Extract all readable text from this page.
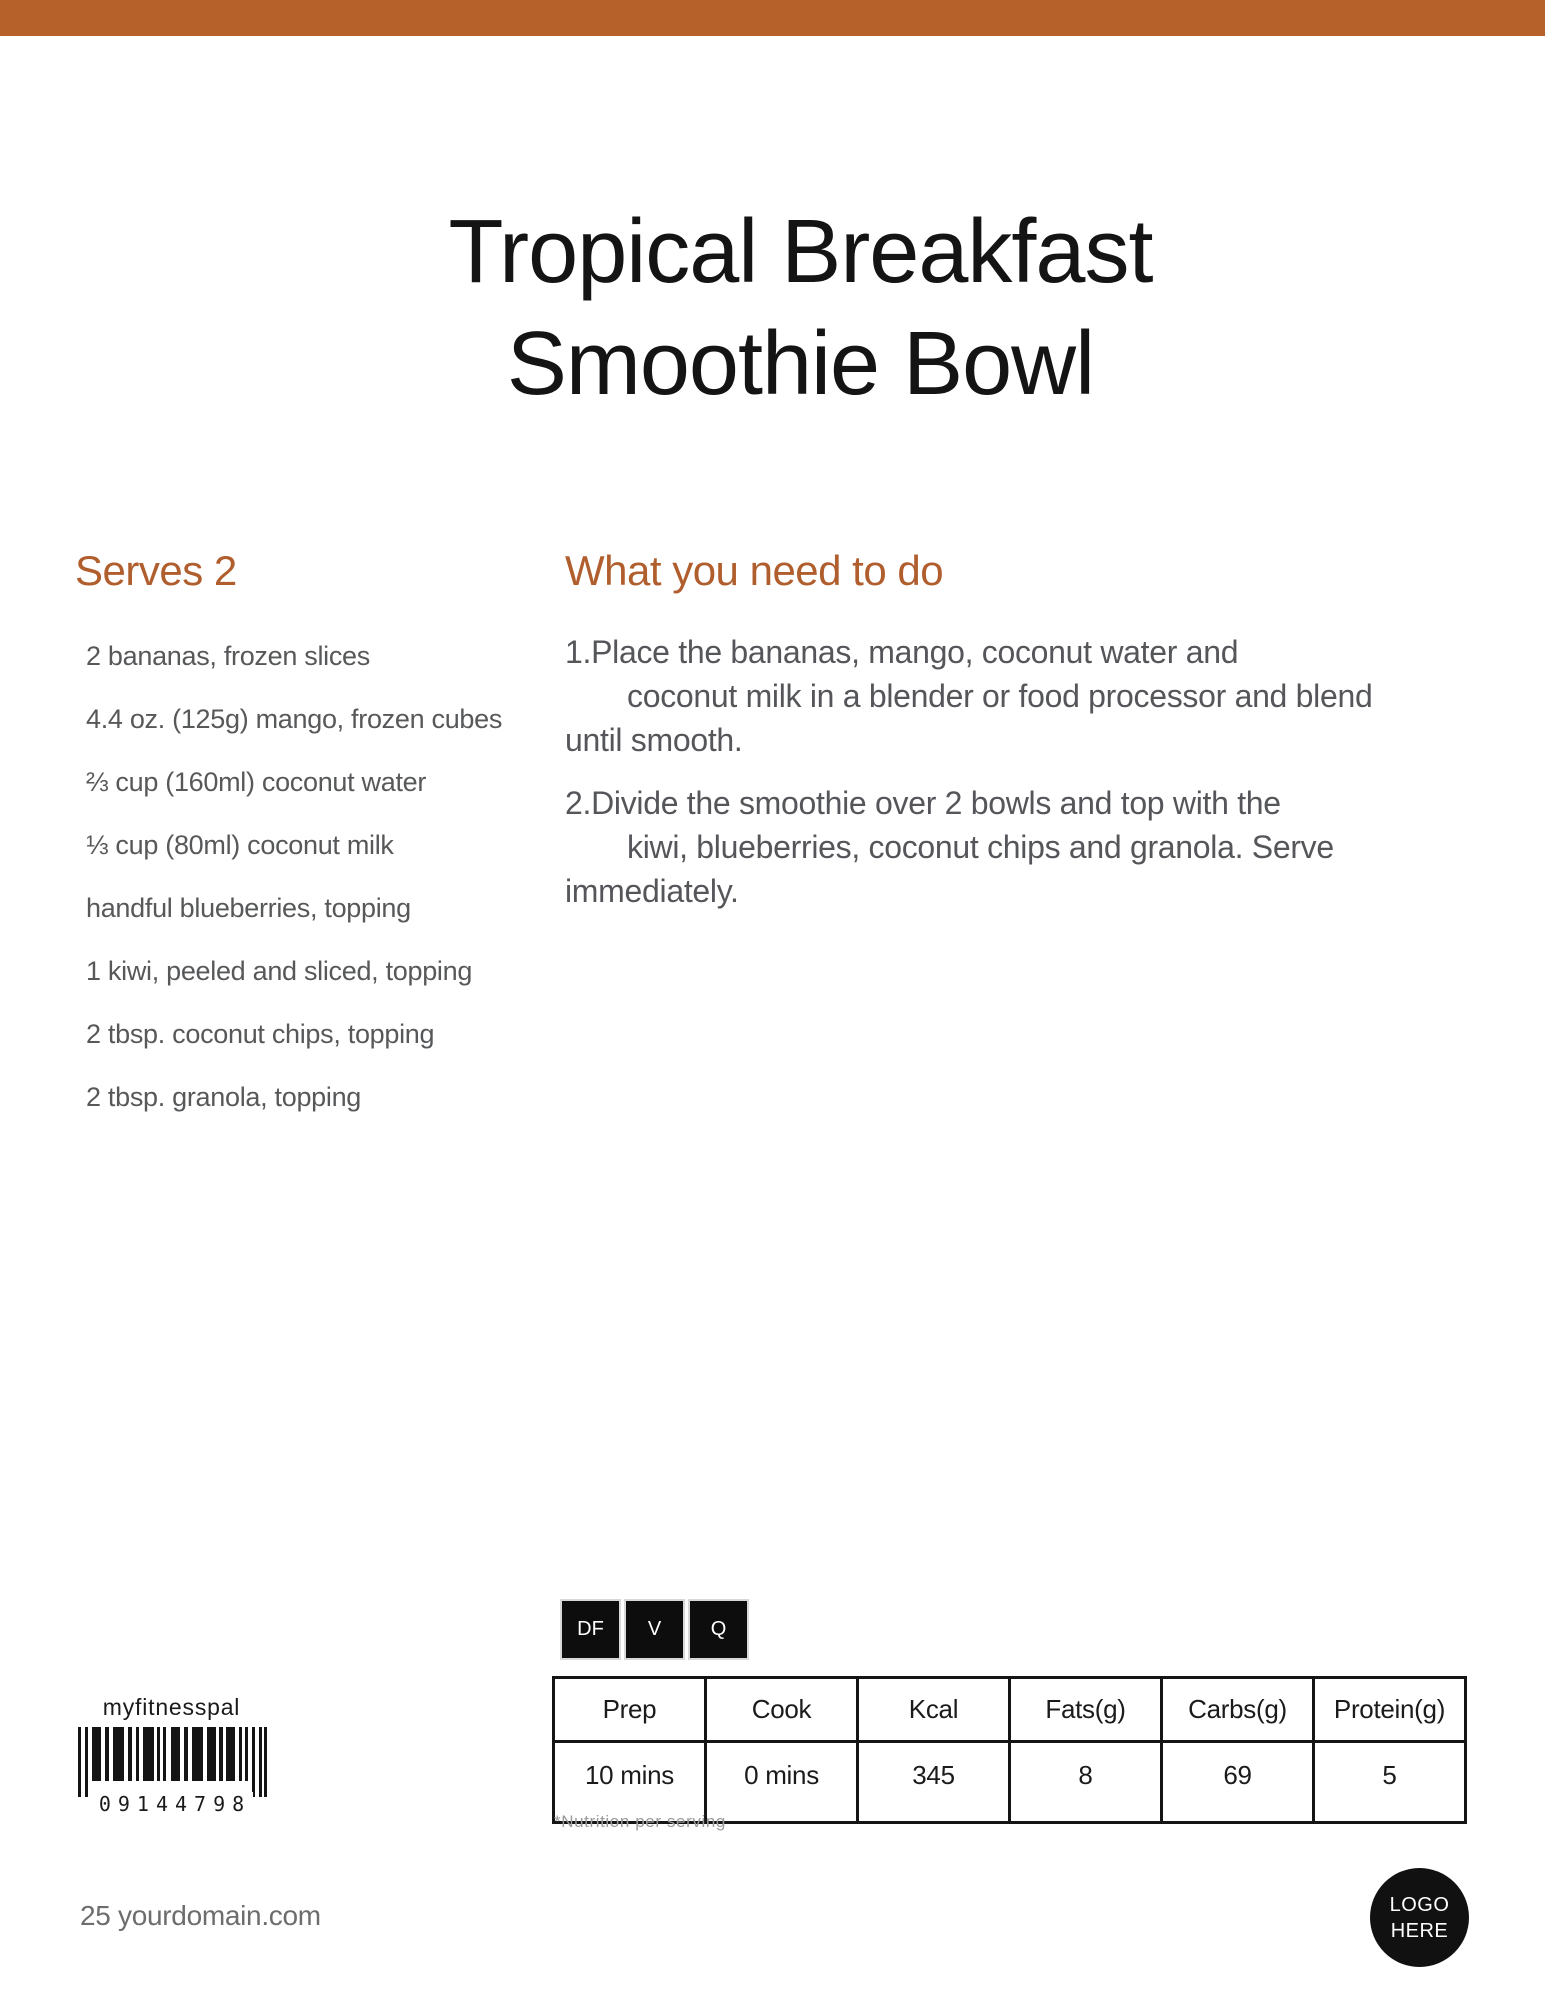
Tropical Breakfast Smoothie Bowl
Serves 2	What you need to do
2 bananas, frozen slices
4.4 oz. (125g) mango, frozen cubes
⅔ cup (160ml) coconut water
⅓ cup (80ml) coconut milk
handful blueberries, topping
1 kiwi, peeled and sliced, topping
2 tbsp. coconut chips, topping
2 tbsp. granola, topping
1.Place the bananas, mango, coconut water and
coconut milk in a blender or food processor and blend
until smooth.
2.Divide the smoothie over 2 bowls and top with the
kiwi, blueberries, coconut chips and granola. Serve
immediately.
DF	V	Q
Prep	Cook	Kcal	Fats(g)	Carbs(g)	Protein(g)
10 mins	0 mins	345	8	69	5
*Nutrition per serving
myfitnesspal
09144798
25 yourdomain.com	LOGO
HERE
